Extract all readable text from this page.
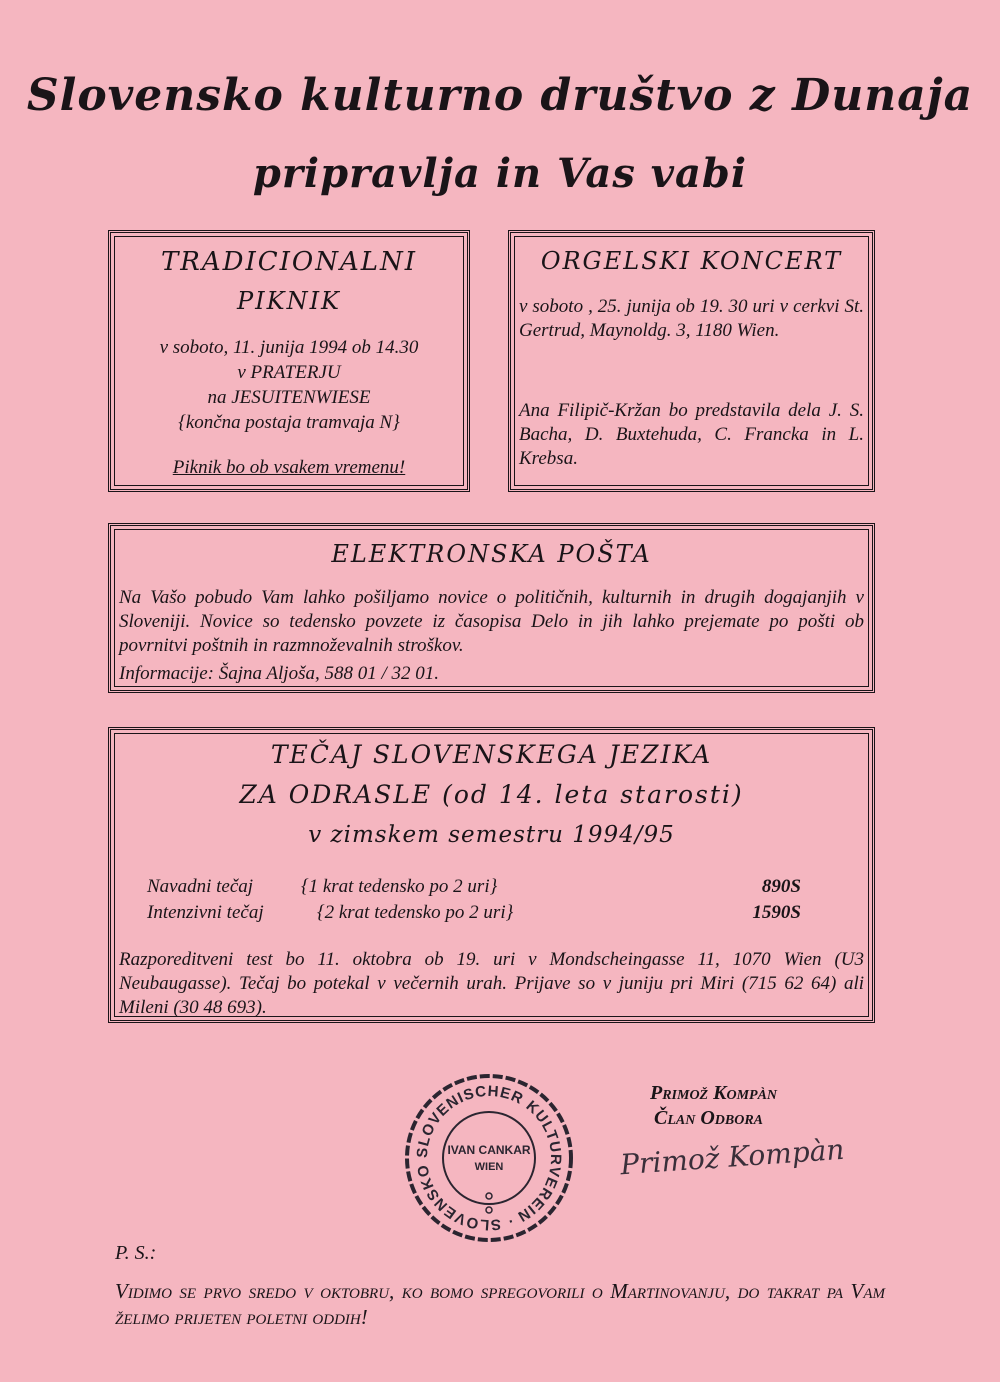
Slovensko kulturno društvo z Dunaja
pripravlja in Vas vabi
TRADICIONALNI
PIKNIK
v soboto, 11. junija 1994 ob 14.30
v PRATERJU
na JESUITENWIESE
{končna postaja tramvaja N}
Piknik bo ob vsakem vremenu!
ORGELSKI KONCERT
v soboto , 25. junija ob 19. 30 uri v cerkvi St. Gertrud, Maynoldg. 3, 1180 Wien.
Ana Filipič-Kržan bo predstavila dela J. S. Bacha, D. Buxtehuda, C. Francka in L. Krebsa.
ELEKTRONSKA POŠTA
Na Vašo pobudo Vam lahko pošiljamo novice o političnih, kulturnih in drugih dogajanjih v Sloveniji. Novice so tedensko povzete iz časopisa Delo in jih lahko prejemate po pošti ob povrnitvi poštnih in razmnoževalnih stroškov.
Informacije: Šajna Aljoša, 588 01 / 32 01.
TEČAJ SLOVENSKEGA JEZIKA
ZA ODRASLE (od 14. leta starosti)
v zimskem semestru 1994/95
Navadni tečaj	{1 krat tedensko po 2 uri}	890S
Intenzivni tečaj	{2 krat tedensko po 2 uri}	1590S
Razporeditveni test bo 11. oktobra ob 19. uri v Mondscheingasse 11, 1070 Wien (U3 Neubaugasse). Tečaj bo potekal v večernih urah. Prijave so v juniju pri Miri (715 62 64) ali Mileni (30 48 693).
SLOVENISCHER KULTURVEREIN · SLOVENSKO
IVAN CANKAR
WIEN
Primož Kompàn
Član Odbora
Primož Kompàn
P. S.:
Vidimo se prvo sredo v oktobru, ko bomo spregovorili o Martinovanju, do takrat pa Vam želimo prijeten poletni oddih!
